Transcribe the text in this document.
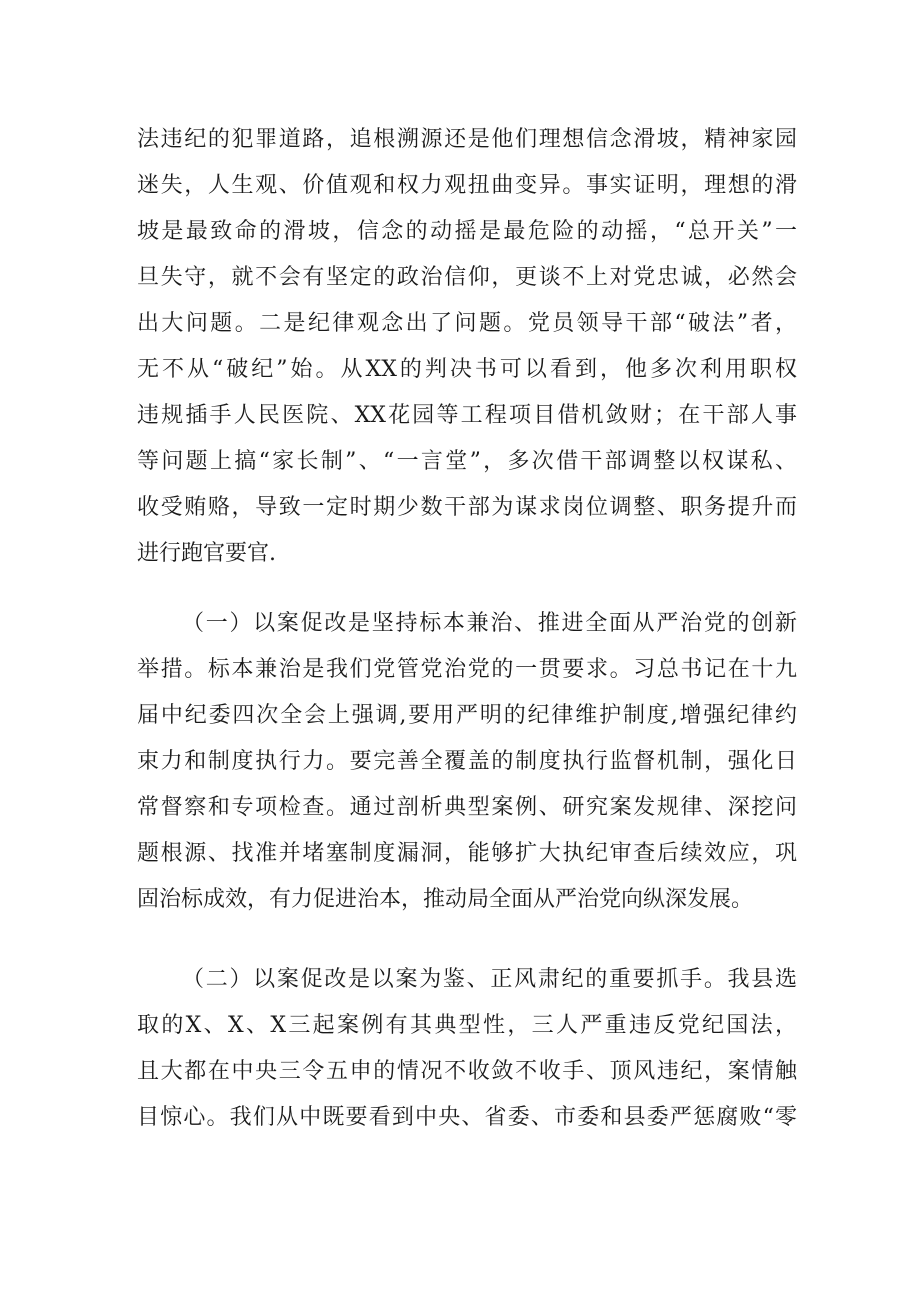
法违纪的犯罪道路，追根溯源还是他们理想信念滑坡，精神家园
迷失，人生观、价值观和权力观扭曲变异。事实证明，理想的滑
坡是最致命的滑坡，信念的动摇是最危险的动摇，“总开关”一
旦失守，就不会有坚定的政治信仰，更谈不上对党忠诚，必然会
出大问题。二是纪律观念出了问题。党员领导干部“破法”者，
无不从“破纪”始。从XX的判决书可以看到，他多次利用职权
违规插手人民医院、XX花园等工程项目借机敛财；在干部人事
等问题上搞“家长制”、“一言堂”，多次借干部调整以权谋私、
收受贿赂，导致一定时期少数干部为谋求岗位调整、职务提升而
进行跑官要官.
（一）以案促改是坚持标本兼治、推进全面从严治党的创新
举措。标本兼治是我们党管党治党的一贯要求。习总书记在十九
届中纪委四次全会上强调,要用严明的纪律维护制度,增强纪律约
束力和制度执行力。要完善全覆盖的制度执行监督机制，强化日
常督察和专项检查。通过剖析典型案例、研究案发规律、深挖问
题根源、找准并堵塞制度漏洞，能够扩大执纪审查后续效应，巩
固治标成效，有力促进治本，推动局全面从严治党向纵深发展。
（二）以案促改是以案为鉴、正风肃纪的重要抓手。我县选
取的X、X、X三起案例有其典型性，三人严重违反党纪国法，
且大都在中央三令五申的情况不收敛不收手、顶风违纪，案情触
目惊心。我们从中既要看到中央、省委、市委和县委严惩腐败“零
